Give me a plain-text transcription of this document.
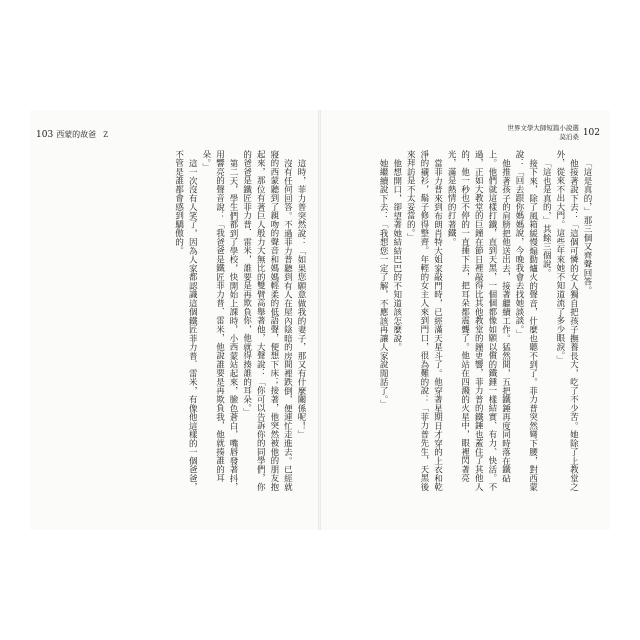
103 西蒙的故爸 Z
世界文學大師短篇小說選
莫泊桑 102

「這是真的，」那三個又齊聲回答。

他接著說下去：「這個可憐的女人獨自把孩子撫養長大，吃了不少苦。她除了上教堂之外，從來不出大門。這些年來她不知道流了多少眼淚。」

「這也是真的，」其餘三個說。

接下來，除了風箱緩慢煽動爐火的聲音，什麼也聽不到了。菲力普突然彎下腰，對西蒙說：「回去跟你媽媽說，今晚我會去找她談談。」

他推著孩子的肩膀把他送出去，接著繼續工作。猛然間，五把鐵錘再度同時落在鐵砧上。他們就這樣打鐵，直到天黑，一個個都像如願以償的鐵錘一樣結實、有力、快活。不過，正如大教堂的巨鐘在節日裡敲得比其他教堂的鐘更響，菲力普的鐵錘也蓋住了其他人的，他一秒也不停的一直捶下去，把耳朵都震聾了。他站在四濺的火星中，眼裡閃著亮光，滿是熱情的打著鐵。

當菲力普來到布朗肖特大姐家敲門時，已經滿天星斗了。他穿著星期日才穿的上衣和乾淨的襯衫，鬍子修得整齊。年輕的女主人來到門口，很為難的說：「菲力普先生，天黑後來拜訪是不太妥當的。」

他想開口，卻望著她結結巴巴的不知道該怎麼說。

她繼續說下去：「我想您一定了解，不應該再讓人家說閒話了。」

這時，菲力普突然說：「如果您願意做我的妻子，那又有什麼關係呢！」

沒有任何回答。不過菲力普聽到有人在屋內陰暗的房間裡跌倒，便連忙走進去。已經就寢的西蒙聽到了親吻的聲音和媽媽輕柔的低語聲，便想下床；接著，他突然被他的朋友抱起來，那位有著巨人般力大無比的雙臂高舉著他，大聲說：「你可以告訴你的同學們，你的爸爸是鐵匠菲力普．雷米，誰要是再欺負你，他就得揍誰的耳朵。」

第二天，學生們都到了學校，快開始上課時，小西蒙站起來，臉色蒼白，嘴唇發著抖，用響亮的聲音說：「我爸爸是鐵匠菲力普．雷米，他說誰要是再欺負我，他就揍誰的耳朵。」

這一次沒有人笑了，因為人家都認識這個鐵匠菲力普．雷米，有像他這樣的一個爸爸，不管是誰都會感到驕傲的。
